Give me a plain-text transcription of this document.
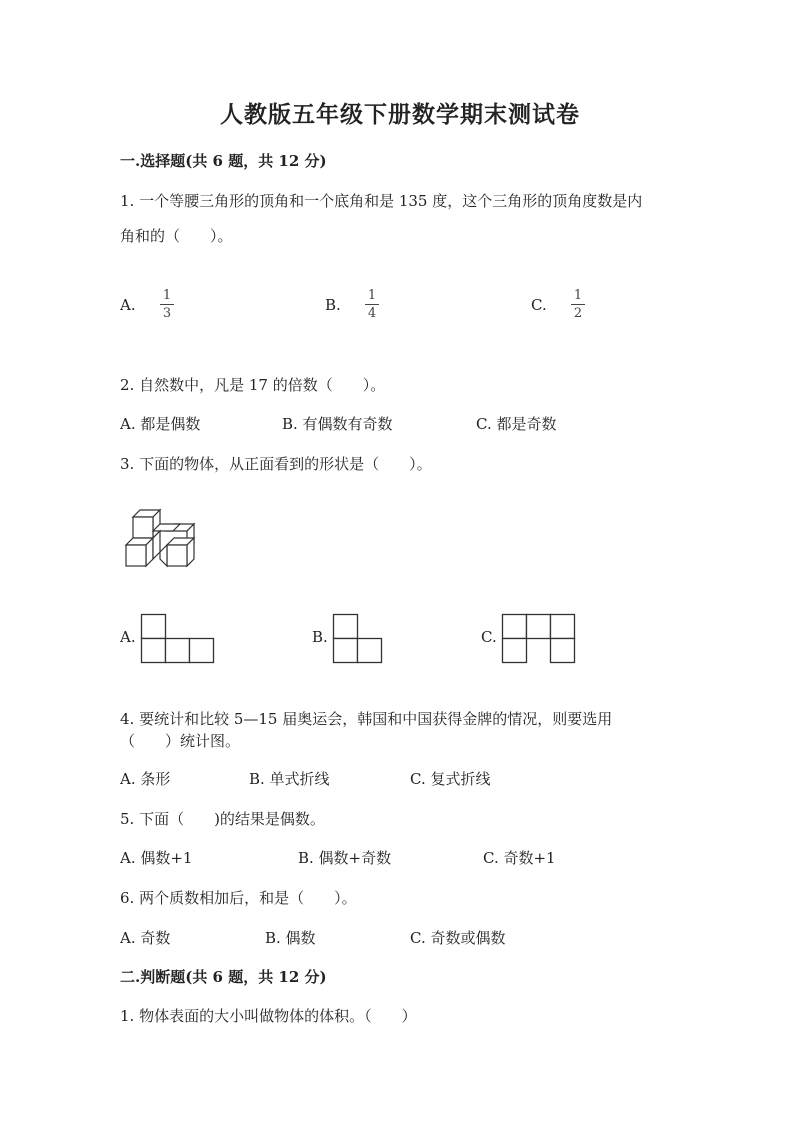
人教版五年级下册数学期末测试卷
一.选择题(共 6 题，共 12 分)
1. 一个等腰三角形的顶角和一个底角和是 135 度，这个三角形的顶角度数是内
角和的（　　）。
A.
1
3	B.
1
4	C.
1
2
2. 自然数中，凡是 17 的倍数（　　）。
A. 都是偶数	B. 有偶数有奇数	C. 都是奇数
3. 下面的物体，从正面看到的形状是（　　）。
A.	B.	C.
4. 要统计和比较 5—15 届奥运会，韩国和中国获得金牌的情况，则要选用
（　　）统计图。
A. 条形	B. 单式折线	C. 复式折线
5. 下面（　　)的结果是偶数。
A. 偶数+1	B. 偶数+奇数	C. 奇数+1
6. 两个质数相加后，和是（　　）。
A. 奇数	B. 偶数	C. 奇数或偶数
二.判断题(共 6 题，共 12 分)
1. 物体表面的大小叫做物体的体积。（　　）
